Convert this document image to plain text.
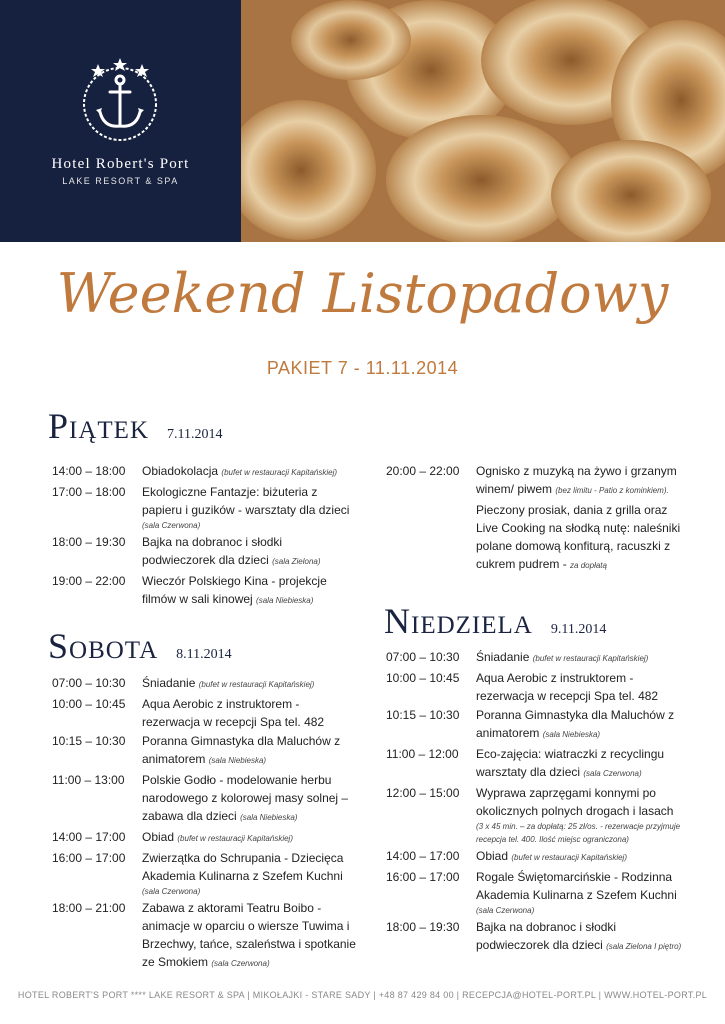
Hotel Robert's Port
LAKE RESORT & SPA
Weekend Listopadowy
PAKIET 7 - 11.11.2014
Piątek 7.11.2014
14:00 – 18:00	Obiadokolacja (bufet w restauracji Kapitańskiej)
17:00 – 18:00	Ekologiczne Fantazje: biżuteria z papieru i guzików - warsztaty dla dzieci
(sala Czerwona)
18:00 – 19:30	Bajka na dobranoc i słodki podwieczorek dla dzieci (sala Zielona)
19:00 – 22:00	Wieczór Polskiego Kina - projekcje filmów w sali kinowej (sala Niebieska)
20:00 – 22:00	Ognisko z muzyką na żywo i grzanym winem/ piwem (bez limitu - Patio z kominkiem).
Pieczony prosiak, dania z grilla oraz Live Cooking na słodką nutę: naleśniki polane domową konfiturą, racuszki z cukrem pudrem - za dopłatą
Sobota 8.11.2014
07:00 – 10:30	Śniadanie (bufet w restauracji Kapitańskiej)
10:00 – 10:45	Aqua Aerobic z instruktorem - rezerwacja w recepcji Spa tel. 482
10:15 – 10:30	Poranna Gimnastyka dla Maluchów z animatorem (sala Niebieska)
11:00 – 13:00	Polskie Godło - modelowanie herbu narodowego z kolorowej masy solnej – zabawa dla dzieci (sala Niebieska)
14:00 – 17:00	Obiad (bufet w restauracji Kapitańskiej)
16:00 – 17:00	Zwierzątka do Schrupania - Dziecięca Akademia Kulinarna z Szefem Kuchni
(sala Czerwona)
18:00 – 21:00	Zabawa z aktorami Teatru Boibo - animacje w oparciu o wiersze Tuwima i Brzechwy, tańce, szaleństwa i spotkanie ze Smokiem (sala Czerwona)
Niedziela 9.11.2014
07:00 – 10:30	Śniadanie (bufet w restauracji Kapitańskiej)
10:00 – 10:45	Aqua Aerobic z instruktorem - rezerwacja w recepcji Spa tel. 482
10:15 – 10:30	Poranna Gimnastyka dla Maluchów z animatorem (sala Niebieska)
11:00 – 12:00	Eco-zajęcia: wiatraczki z recyclingu warsztaty dla dzieci (sala Czerwona)
12:00 – 15:00	Wyprawa zaprzęgami konnymi po okolicznych polnych drogach i lasach
(3 x 45 min. – za dopłatą: 25 zł/os. - rezerwacje przyjmuje recepcja tel. 400. Ilość miejsc ograniczona)
14:00 – 17:00	Obiad (bufet w restauracji Kapitańskiej)
16:00 – 17:00	Rogale Świętomarcińskie - Rodzinna Akademia Kulinarna z Szefem Kuchni
(sala Czerwona)
18:00 – 19:30	Bajka na dobranoc i słodki podwieczorek dla dzieci (sala Zielona I piętro)
HOTEL ROBERT'S PORT **** LAKE RESORT & SPA | MIKOŁAJKI - STARE SADY | +48 87 429 84 00 | RECEPCJA@HOTEL-PORT.PL | WWW.HOTEL-PORT.PL
